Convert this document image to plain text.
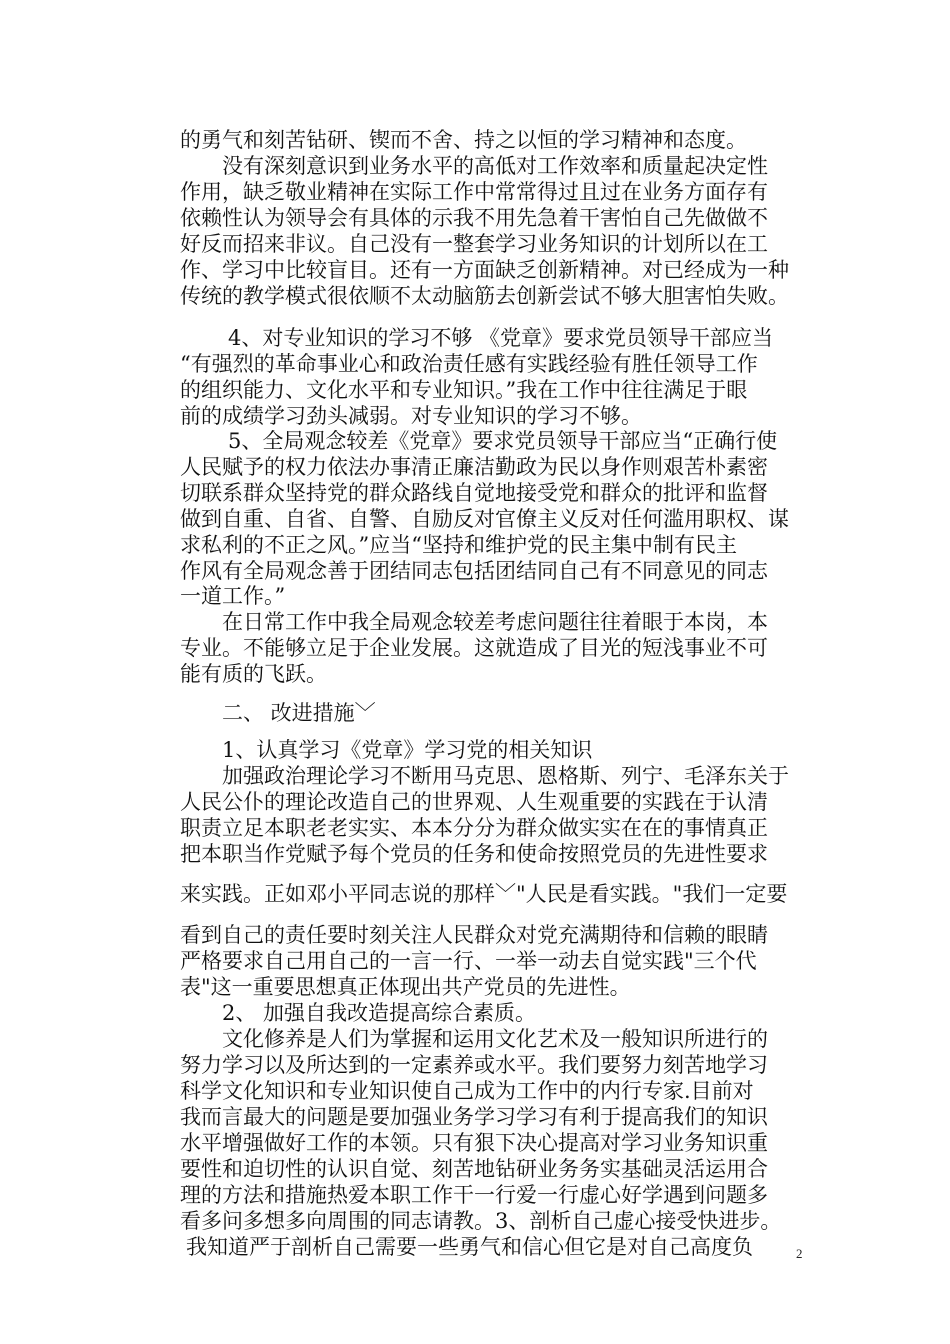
的勇气和刻苦钻研、锲而不舍、持之以恒的学习精神和态度。
没有深刻意识到业务水平的高低对工作效率和质量起决定性
作用，缺乏敬业精神在实际工作中常常得过且过在业务方面存有
依赖性认为领导会有具体的示我不用先急着干害怕自己先做做不
好反而招来非议。自己没有一整套学习业务知识的计划所以在工
作、学习中比较盲目。还有一方面缺乏创新精神。对已经成为一种
传统的教学模式很依顺不太动脑筋去创新尝试不够大胆害怕失败。
4、对专业知识的学习不够 《党章》要求党员领导干部应当
“有强烈的革命事业心和政治责任感有实践经验有胜任领导工作
的组织能力、文化水平和专业知识。”我在工作中往往满足于眼
前的成绩学习劲头减弱。对专业知识的学习不够。
5、全局观念较差《党章》要求党员领导干部应当“正确行使
人民赋予的权力依法办事清正廉洁勤政为民以身作则艰苦朴素密
切联系群众坚持党的群众路线自觉地接受党和群众的批评和监督
做到自重、自省、自警、自励反对官僚主义反对任何滥用职权、谋
求私利的不正之风。”应当“坚持和维护党的民主集中制有民主
作风有全局观念善于团结同志包括团结同自己有不同意见的同志
一道工作。”
在日常工作中我全局观念较差考虑问题往往着眼于本岗，本
专业。不能够立足于企业发展。这就造成了目光的短浅事业不可
能有质的飞跃。
二、 改进措施﹀
1、认真学习《党章》学习党的相关知识
加强政治理论学习不断用马克思、恩格斯、列宁、毛泽东关于
人民公仆的理论改造自己的世界观、人生观重要的实践在于认清
职责立足本职老老实实、本本分分为群众做实实在在的事情真正
把本职当作党赋予每个党员的任务和使命按照党员的先进性要求
来实践。正如邓小平同志说的那样﹀"人民是看实践。"我们一定要
看到自己的责任要时刻关注人民群众对党充满期待和信赖的眼睛
严格要求自己用自己的一言一行、一举一动去自觉实践"三个代
表"这一重要思想真正体现出共产党员的先进性。
2、 加强自我改造提高综合素质。
文化修养是人们为掌握和运用文化艺术及一般知识所进行的
努力学习以及所达到的一定素养或水平。我们要努力刻苦地学习
科学文化知识和专业知识使自己成为工作中的内行专家.目前对
我而言最大的问题是要加强业务学习学习有利于提高我们的知识
水平增强做好工作的本领。只有狠下决心提高对学习业务知识重
要性和迫切性的认识自觉、刻苦地钻研业务务实基础灵活运用合
理的方法和措施热爱本职工作干一行爱一行虚心好学遇到问题多
看多问多想多向周围的同志请教。3、剖析自己虚心接受快进步。
我知道严于剖析自己需要一些勇气和信心但它是对自己高度负	2
